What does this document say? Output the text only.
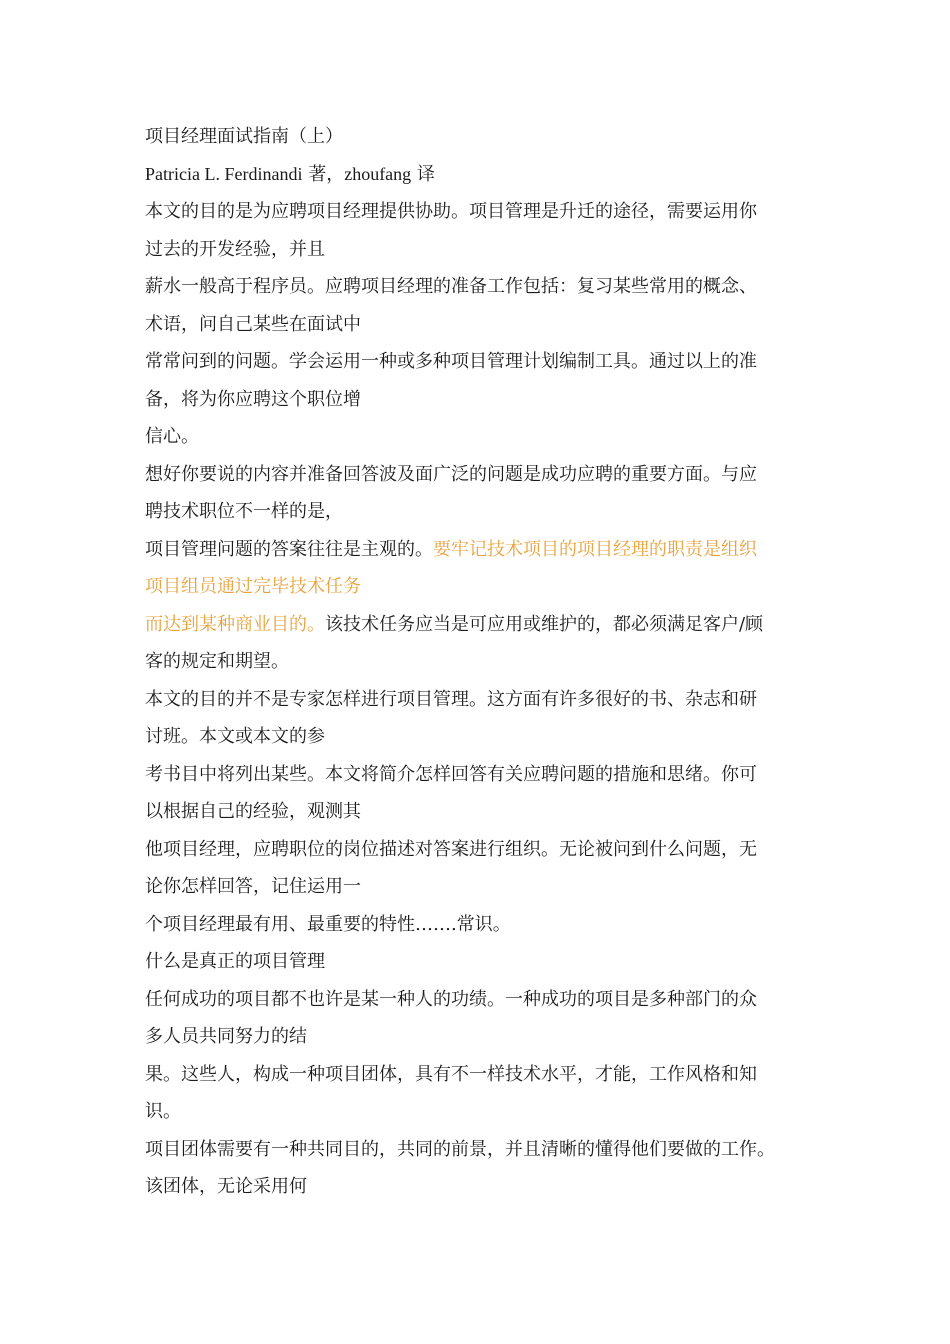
项目经理面试指南（上）

Patricia L. Ferdinandi 著，zhoufang 译

本文的目的是为应聘项目经理提供协助。项目管理是升迁的途径，需要运用你

过去的开发经验，并且

薪水一般高于程序员。应聘项目经理的准备工作包括：复习某些常用的概念、

术语，问自己某些在面试中

常常问到的问题。学会运用一种或多种项目管理计划编制工具。通过以上的准

备，将为你应聘这个职位增

信心。

想好你要说的内容并准备回答波及面广泛的问题是成功应聘的重要方面。与应

聘技术职位不一样的是，

项目管理问题的答案往往是主观的。要牢记技术项目的项目经理的职责是组织

项目组员通过完毕技术任务

而达到某种商业目的。该技术任务应当是可应用或维护的，都必须满足客户/顾

客的规定和期望。

本文的目的并不是专家怎样进行项目管理。这方面有许多很好的书、杂志和研

讨班。本文或本文的参

考书目中将列出某些。本文将简介怎样回答有关应聘问题的措施和思绪。你可

以根据自己的经验，观测其

他项目经理，应聘职位的岗位描述对答案进行组织。无论被问到什么问题，无

论你怎样回答，记住运用一

个项目经理最有用、最重要的特性…….常识。

什么是真正的项目管理

任何成功的项目都不也许是某一种人的功绩。一种成功的项目是多种部门的众

多人员共同努力的结

果。这些人，构成一种项目团体，具有不一样技术水平，才能，工作风格和知

识。

项目团体需要有一种共同目的，共同的前景，并且清晰的懂得他们要做的工作。

该团体，无论采用何
